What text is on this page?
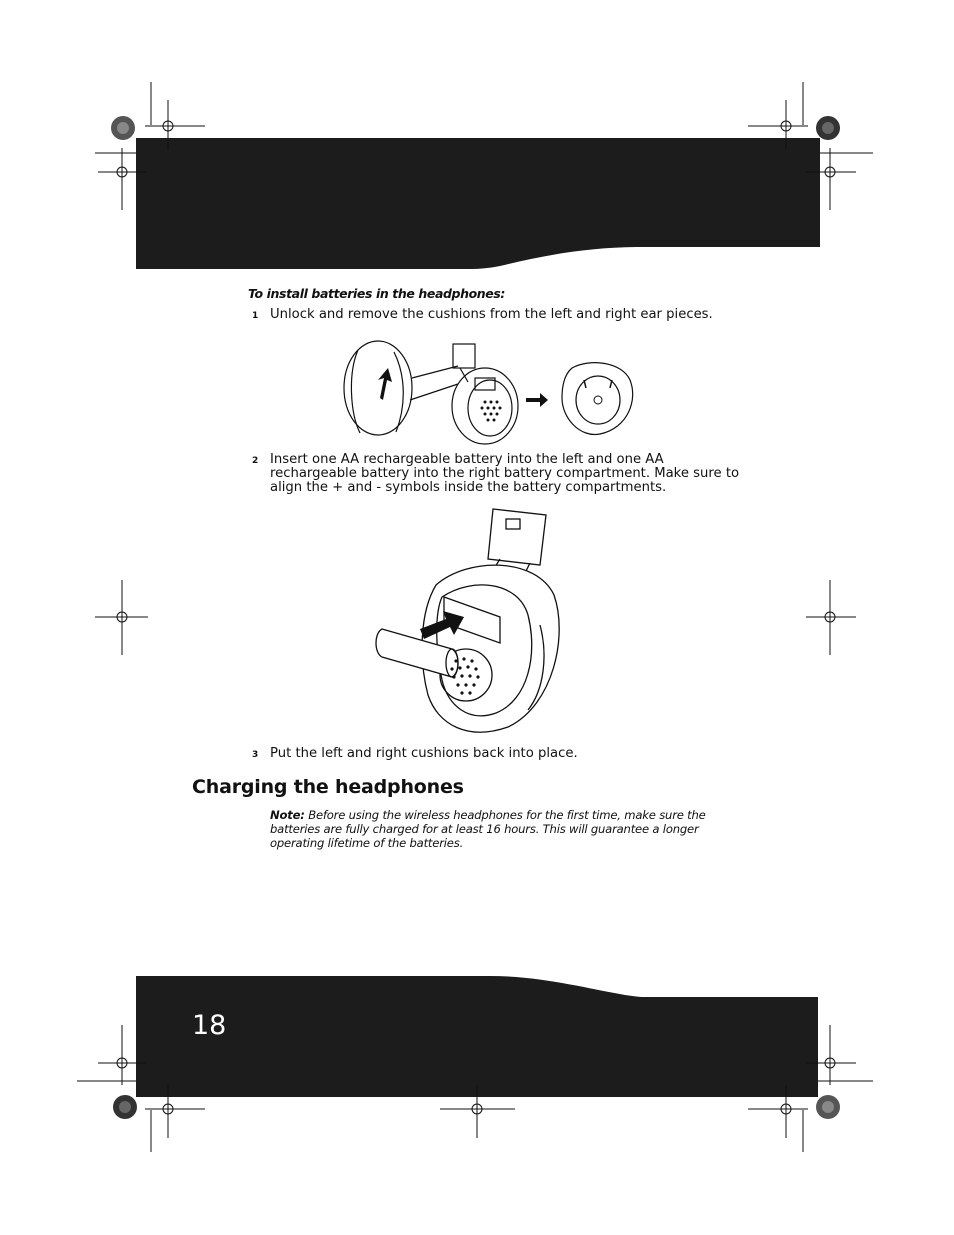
To install batteries in the headphones:
1 Unlock and remove the cushions from the left and right ear pieces.
2 Insert one AA rechargeable battery into the left and one AA rechargeable battery into the right battery compartment. Make sure to align the + and - symbols inside the battery compartments.
3 Put the left and right cushions back into place.
Charging the headphones
Note: Before using the wireless headphones for the first time, make sure the batteries are fully charged for at least 16 hours. This will guarantee a longer operating lifetime of the batteries.
18
